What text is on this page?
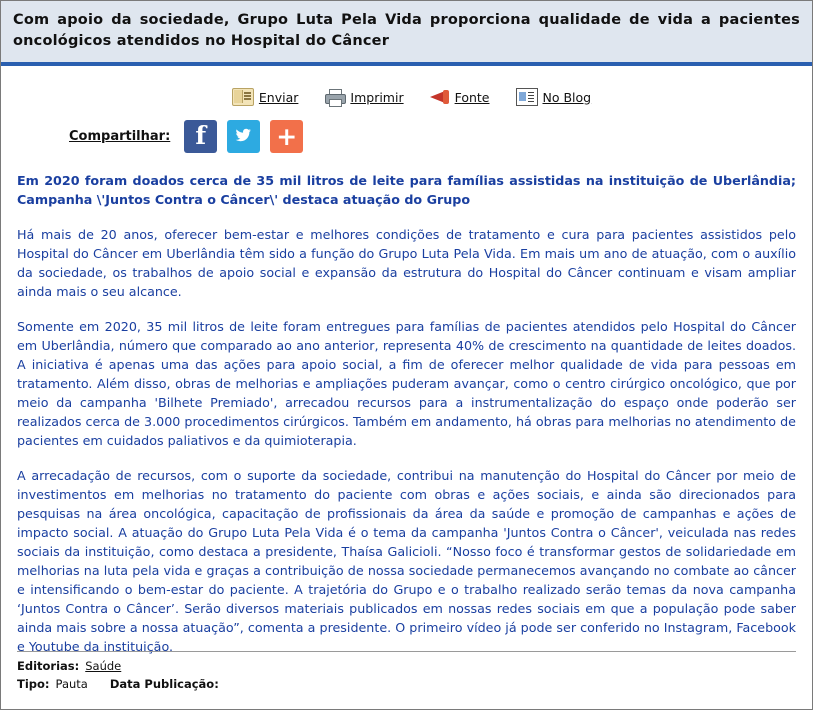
Com apoio da sociedade, Grupo Luta Pela Vida proporciona qualidade de vida a pacientes oncológicos atendidos no Hospital do Câncer
Enviar	Imprimir	Fonte	No Blog
Compartilhar: f	+
Em 2020 foram doados cerca de 35 mil litros de leite para famílias assistidas na instituição de Uberlândia; Campanha \'Juntos Contra o Câncer\' destaca atuação do Grupo
Há mais de 20 anos, oferecer bem-estar e melhores condições de tratamento e cura para pacientes assistidos pelo Hospital do Câncer em Uberlândia têm sido a função do Grupo Luta Pela Vida. Em mais um ano de atuação, com o auxílio da sociedade, os trabalhos de apoio social e expansão da estrutura do Hospital do Câncer continuam e visam ampliar ainda mais o seu alcance.
Somente em 2020, 35 mil litros de leite foram entregues para famílias de pacientes atendidos pelo Hospital do Câncer em Uberlândia, número que comparado ao ano anterior, representa 40% de crescimento na quantidade de leites doados. A iniciativa é apenas uma das ações para apoio social, a fim de oferecer melhor qualidade de vida para pessoas em tratamento. Além disso, obras de melhorias e ampliações puderam avançar, como o centro cirúrgico oncológico, que por meio da campanha 'Bilhete Premiado', arrecadou recursos para a instrumentalização do espaço onde poderão ser realizados cerca de 3.000 procedimentos cirúrgicos. Também em andamento, há obras para melhorias no atendimento de pacientes em cuidados paliativos e da quimioterapia.
A arrecadação de recursos, com o suporte da sociedade, contribui na manutenção do Hospital do Câncer por meio de investimentos em melhorias no tratamento do paciente com obras e ações sociais, e ainda são direcionados para pesquisas na área oncológica, capacitação de profissionais da área da saúde e promoção de campanhas e ações de impacto social. A atuação do Grupo Luta Pela Vida é o tema da campanha 'Juntos Contra o Câncer', veiculada nas redes sociais da instituição, como destaca a presidente, Thaísa Galicioli. “Nosso foco é transformar gestos de solidariedade em melhorias na luta pela vida e graças a contribuição de nossa sociedade permanecemos avançando no combate ao câncer e intensificando o bem-estar do paciente. A trajetória do Grupo e o trabalho realizado serão temas da nova campanha ‘Juntos Contra o Câncer’. Serão diversos materiais publicados em nossas redes sociais em que a população pode saber ainda mais sobre a nossa atuação”, comenta a presidente. O primeiro vídeo já pode ser conferido no Instagram, Facebook e Youtube da instituição.
Editorias: Saúde
Tipo: Pauta Data Publicação:
